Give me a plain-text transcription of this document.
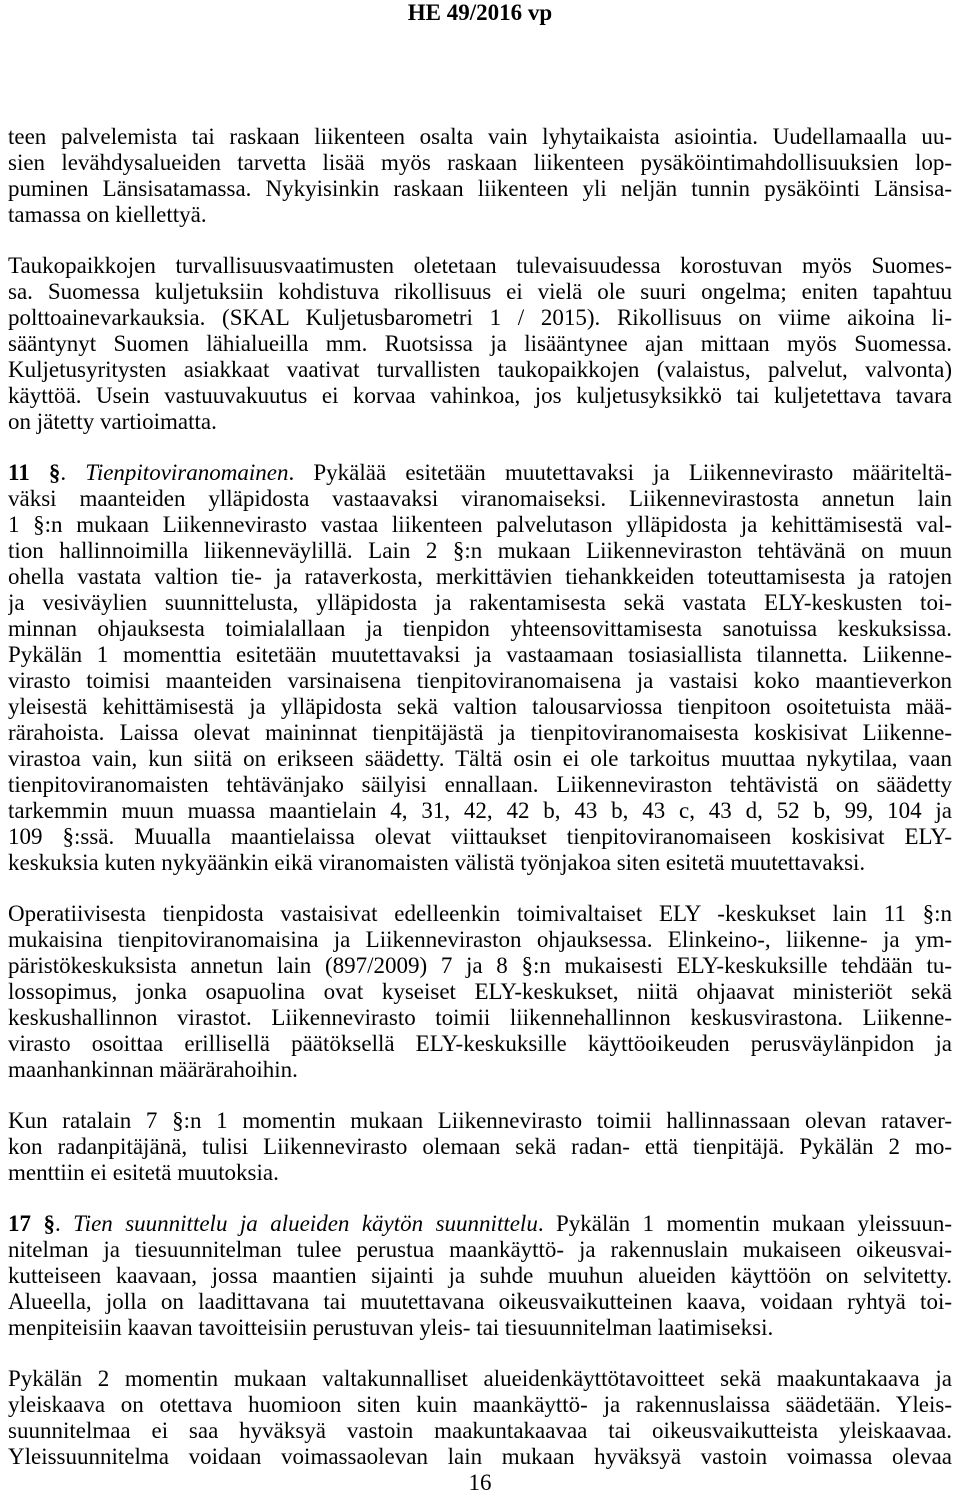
HE 49/2016 vp
teen palvelemista tai raskaan liikenteen osalta vain lyhytaikaista asiointia. Uudellamaalla uu-
sien levähdysalueiden tarvetta lisää myös raskaan liikenteen pysäköintimahdollisuuksien lop-
puminen Länsisatamassa. Nykyisinkin raskaan liikenteen yli neljän tunnin pysäköinti Länsisa-
tamassa on kiellettyä.
Taukopaikkojen turvallisuusvaatimusten oletetaan tulevaisuudessa korostuvan myös Suomes-
sa. Suomessa kuljetuksiin kohdistuva rikollisuus ei vielä ole suuri ongelma; eniten tapahtuu
polttoainevarkauksia. (SKAL Kuljetusbarometri 1 / 2015). Rikollisuus on viime aikoina li-
sääntynyt Suomen lähialueilla mm. Ruotsissa ja lisääntynee ajan mittaan myös Suomessa.
Kuljetusyritysten asiakkaat vaativat turvallisten taukopaikkojen (valaistus, palvelut, valvonta)
käyttöä. Usein vastuuvakuutus ei korvaa vahinkoa, jos kuljetusyksikkö tai kuljetettava tavara
on jätetty vartioimatta.
11 §. Tienpitoviranomainen. Pykälää esitetään muutettavaksi ja Liikennevirasto määriteltä-
väksi maanteiden ylläpidosta vastaavaksi viranomaiseksi. Liikennevirastosta annetun lain
1 §:n mukaan Liikennevirasto vastaa liikenteen palvelutason ylläpidosta ja kehittämisestä val-
tion hallinnoimilla liikenneväylillä. Lain 2 §:n mukaan Liikenneviraston tehtävänä on muun
ohella vastata valtion tie- ja rataverkosta, merkittävien tiehankkeiden toteuttamisesta ja ratojen
ja vesiväylien suunnittelusta, ylläpidosta ja rakentamisesta sekä vastata ELY-keskusten toi-
minnan ohjauksesta toimialallaan ja tienpidon yhteensovittamisesta sanotuissa keskuksissa.
Pykälän 1 momenttia esitetään muutettavaksi ja vastaamaan tosiasiallista tilannetta. Liikenne-
virasto toimisi maanteiden varsinaisena tienpitoviranomaisena ja vastaisi koko maantieverkon
yleisestä kehittämisestä ja ylläpidosta sekä valtion talousarviossa tienpitoon osoitetuista mää-
rärahoista. Laissa olevat maininnat tienpitäjästä ja tienpitoviranomaisesta koskisivat Liikenne-
virastoa vain, kun siitä on erikseen säädetty. Tältä osin ei ole tarkoitus muuttaa nykytilaa, vaan
tienpitoviranomaisten tehtävänjako säilyisi ennallaan. Liikenneviraston tehtävistä on säädetty
tarkemmin muun muassa maantielain 4, 31, 42, 42 b, 43 b, 43 c, 43 d, 52 b, 99, 104 ja
109 §:ssä. Muualla maantielaissa olevat viittaukset tienpitoviranomaiseen koskisivat ELY-
keskuksia kuten nykyäänkin eikä viranomaisten välistä työnjakoa siten esitetä muutettavaksi.
Operatiivisesta tienpidosta vastaisivat edelleenkin toimivaltaiset ELY -keskukset lain 11 §:n
mukaisina tienpitoviranomaisina ja Liikenneviraston ohjauksessa. Elinkeino-, liikenne- ja ym-
päristökeskuksista annetun lain (897/2009) 7 ja 8 §:n mukaisesti ELY-keskuksille tehdään tu-
lossopimus, jonka osapuolina ovat kyseiset ELY-keskukset, niitä ohjaavat ministeriöt sekä
keskushallinnon virastot. Liikennevirasto toimii liikennehallinnon keskusvirastona. Liikenne-
virasto osoittaa erillisellä päätöksellä ELY-keskuksille käyttöoikeuden perusväylänpidon ja
maanhankinnan määrärahoihin.
Kun ratalain 7 §:n 1 momentin mukaan Liikennevirasto toimii hallinnassaan olevan rataver-
kon radanpitäjänä, tulisi Liikennevirasto olemaan sekä radan- että tienpitäjä. Pykälän 2 mo-
menttiin ei esitetä muutoksia.
17 §. Tien suunnittelu ja alueiden käytön suunnittelu. Pykälän 1 momentin mukaan yleissuun-
nitelman ja tiesuunnitelman tulee perustua maankäyttö- ja rakennuslain mukaiseen oikeusvai-
kutteiseen kaavaan, jossa maantien sijainti ja suhde muuhun alueiden käyttöön on selvitetty.
Alueella, jolla on laadittavana tai muutettavana oikeusvaikutteinen kaava, voidaan ryhtyä toi-
menpiteisiin kaavan tavoitteisiin perustuvan yleis- tai tiesuunnitelman laatimiseksi.
Pykälän 2 momentin mukaan valtakunnalliset alueidenkäyttötavoitteet sekä maakuntakaava ja
yleiskaava on otettava huomioon siten kuin maankäyttö- ja rakennuslaissa säädetään. Yleis-
suunnitelmaa ei saa hyväksyä vastoin maakuntakaavaa tai oikeusvaikutteista yleiskaavaa.
Yleissuunnitelma voidaan voimassaolevan lain mukaan hyväksyä vastoin voimassa olevaa
16
